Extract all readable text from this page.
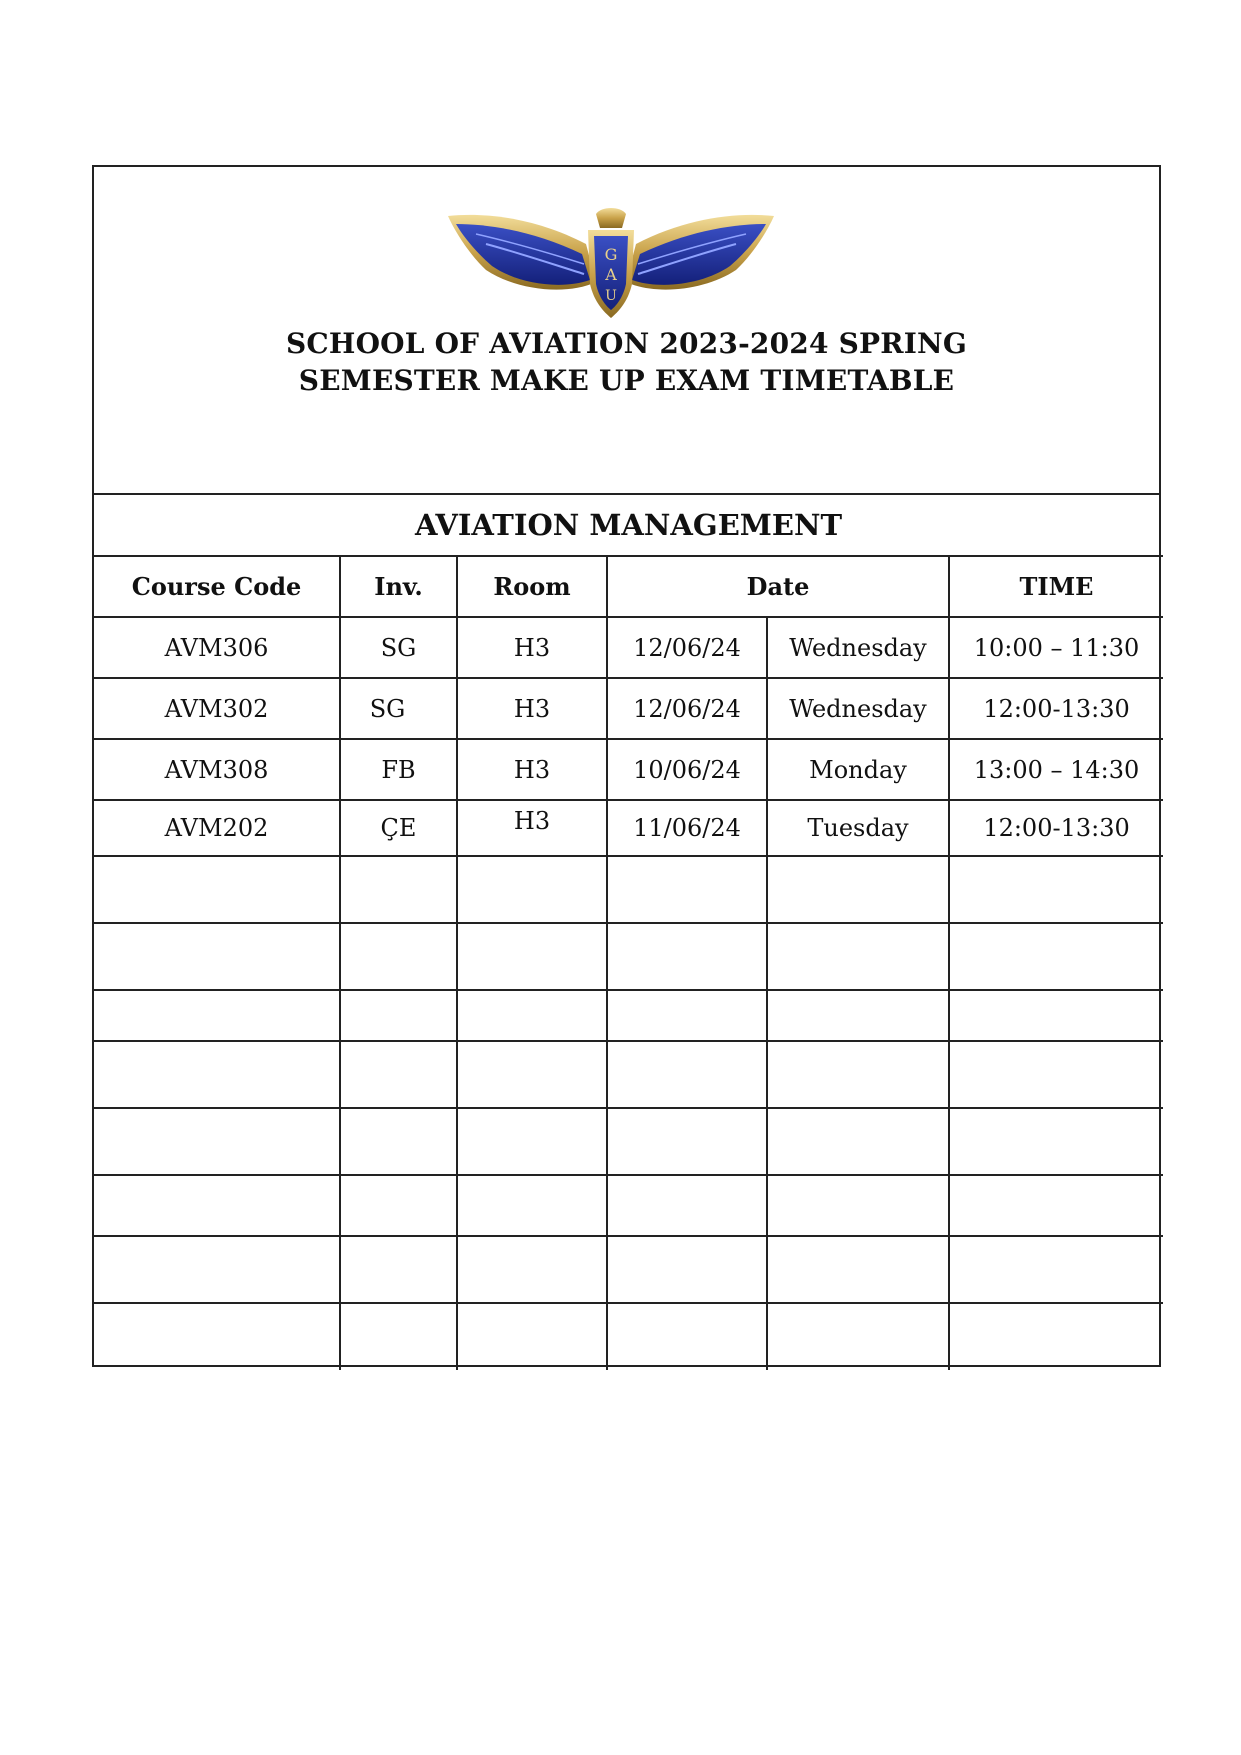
G
A
U
SCHOOL OF AVIATION 2023-2024 SPRING
SEMESTER MAKE UP EXAM TIMETABLE
AVIATION MANAGEMENT					
Course Code	Inv.	Room	Date		TIME
AVM306	SG	H3	12/06/24	Wednesday	10:00 – 11:30
AVM302	SG	H3	12/06/24	Wednesday	12:00-13:30
AVM308	FB	H3	10/06/24	Monday	13:00 – 14:30
AVM202	ÇE	H3	11/06/24	Tuesday	12:00-13:30
